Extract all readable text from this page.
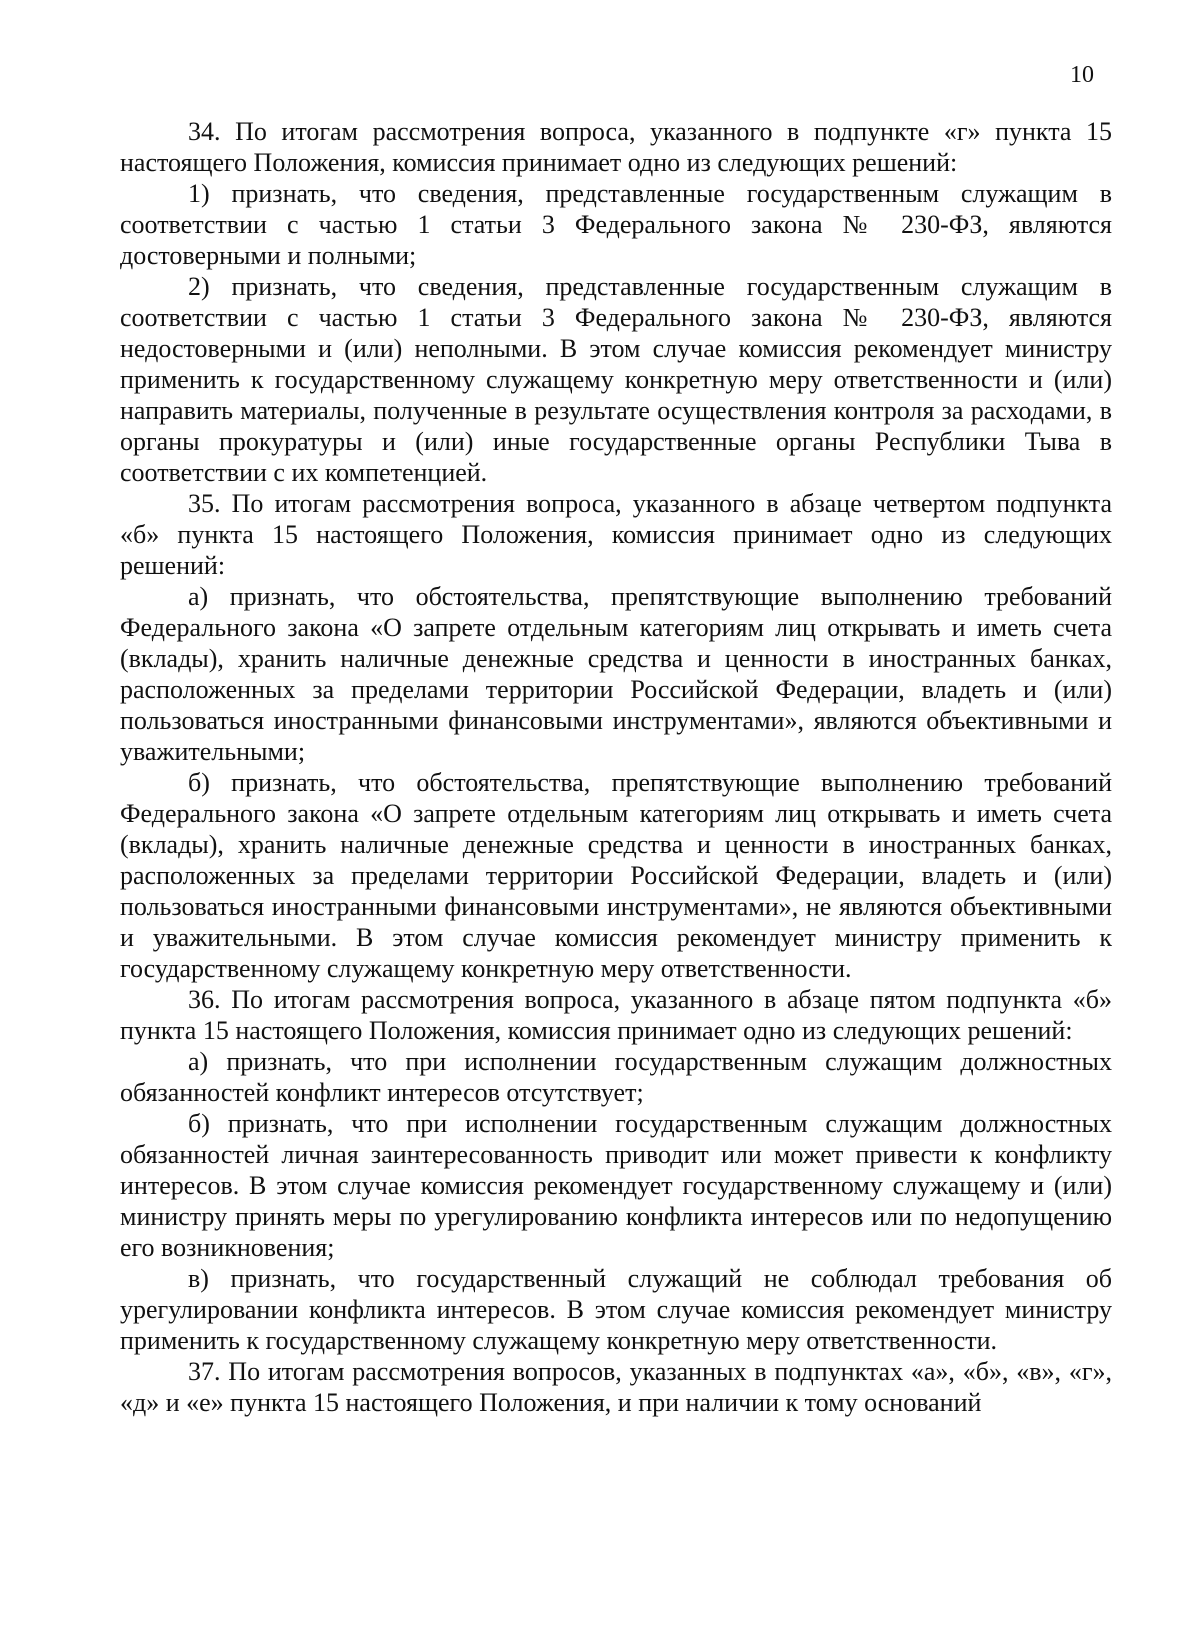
10

34. По итогам рассмотрения вопроса, указанного в подпункте «г» пункта 15 настоящего Положения, комиссия принимает одно из следующих решений:

1) признать, что сведения, представленные государственным служащим в соответствии с частью 1 статьи 3 Федерального закона № 230-ФЗ, являются достоверными и полными;

2) признать, что сведения, представленные государственным служащим в соответствии с частью 1 статьи 3 Федерального закона № 230-ФЗ, являются недостоверными и (или) неполными. В этом случае комиссия рекомендует министру применить к государственному служащему конкретную меру ответственности и (или) направить материалы, полученные в результате осуществления контроля за расходами, в органы прокуратуры и (или) иные государственные органы Республики Тыва в соответствии с их компетенцией.

35. По итогам рассмотрения вопроса, указанного в абзаце четвертом подпункта «б» пункта 15 настоящего Положения, комиссия принимает одно из следующих решений:

а) признать, что обстоятельства, препятствующие выполнению требований Федерального закона «О запрете отдельным категориям лиц открывать и иметь счета (вклады), хранить наличные денежные средства и ценности в иностранных банках, расположенных за пределами территории Российской Федерации, владеть и (или) пользоваться иностранными финансовыми инструментами», являются объективными и уважительными;

б) признать, что обстоятельства, препятствующие выполнению требований Федерального закона «О запрете отдельным категориям лиц открывать и иметь счета (вклады), хранить наличные денежные средства и ценности в иностранных банках, расположенных за пределами территории Российской Федерации, владеть и (или) пользоваться иностранными финансовыми инструментами», не являются объективными и уважительными. В этом случае комиссия рекомендует министру применить к государственному служащему конкретную меру ответственности.

36. По итогам рассмотрения вопроса, указанного в абзаце пятом подпункта «б» пункта 15 настоящего Положения, комиссия принимает одно из следующих решений:

а) признать, что при исполнении государственным служащим должностных обязанностей конфликт интересов отсутствует;

б) признать, что при исполнении государственным служащим должностных обязанностей личная заинтересованность приводит или может привести к конфликту интересов. В этом случае комиссия рекомендует государственному служащему и (или) министру принять меры по урегулированию конфликта интересов или по недопущению его возникновения;

в) признать, что государственный служащий не соблюдал требования об урегулировании конфликта интересов. В этом случае комиссия рекомендует министру применить к государственному служащему конкретную меру ответственности.

37. По итогам рассмотрения вопросов, указанных в подпунктах «а», «б», «в», «г», «д» и «е» пункта 15 настоящего Положения, и при наличии к тому оснований
